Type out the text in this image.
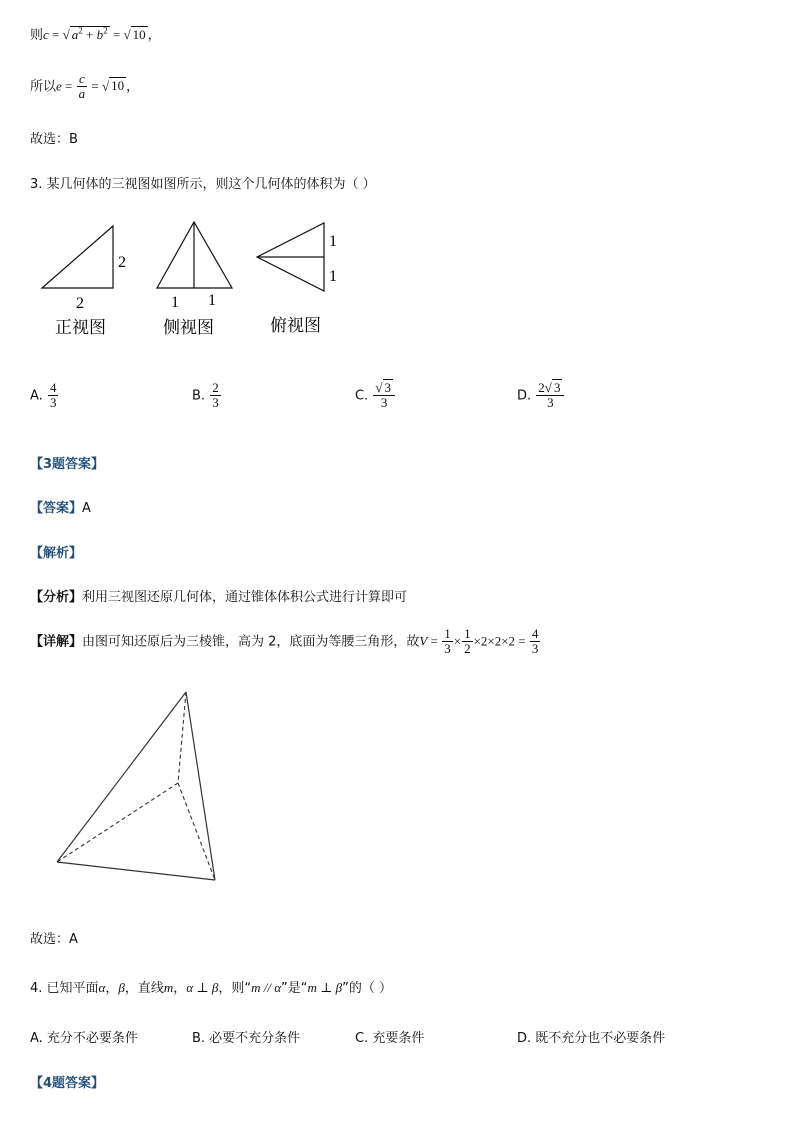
则c = √ $a^2 + b^2$ = √ 10 ，
所以$e = \frac{c}{a}$ = √ 10 ，
故选：B
3. 某几何体的三视图如图所示，则这个几何体的体积为（ ）
2
2
正视图
1 1
侧视图
1
1
俯视图
A. $\frac{4}{3}$	B. $\frac{2}{3}$	C. $\frac{√ 3}{3}$	D. $\frac{2√ 3}{3}$
【3题答案】
【答案】A
【解析】
【分析】利用三视图还原几何体，通过锥体体积公式进行计算即可
【详解】由图可知还原后为三棱锥，高为 2，底面为等腰三角形，故$V = \frac{1}{3} \times \frac{1}{2} \times 2\times 2\times 2 = \frac{4}{3}$
故选：A
4. 已知平面α，β，直线m，α ⊥ β，则“m // α”是“m ⊥ β”的（ ）
A. 充分不必要条件	B. 必要不充分条件	C. 充要条件	D. 既不充分也不必要条件
【4题答案】
